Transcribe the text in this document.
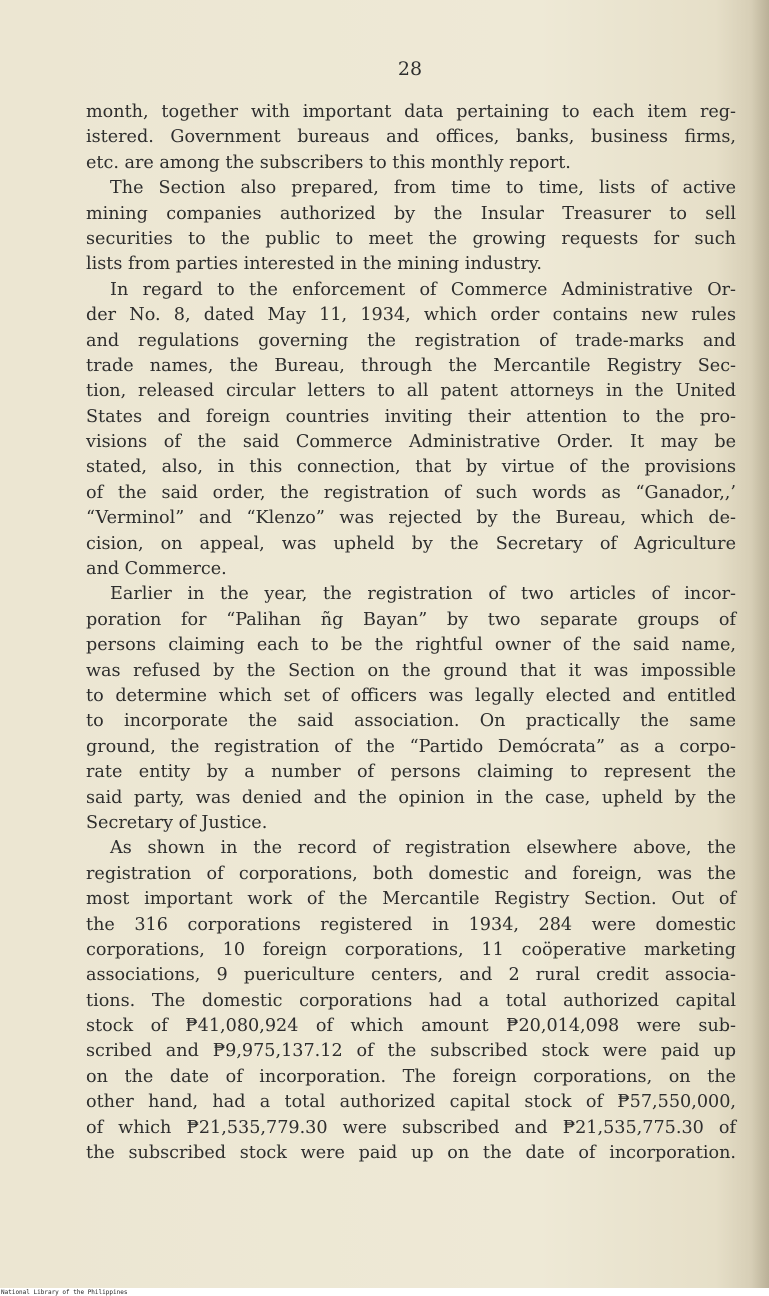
28
month, together with important data pertaining to each item reg-
istered. Government bureaus and offices, banks, business firms,
etc. are among the subscribers to this monthly report.
The Section also prepared, from time to time, lists of active
mining companies authorized by the Insular Treasurer to sell
securities to the public to meet the growing requests for such
lists from parties interested in the mining industry.
In regard to the enforcement of Commerce Administrative Or-
der No. 8, dated May 11, 1934, which order contains new rules
and regulations governing the registration of trade-marks and
trade names, the Bureau, through the Mercantile Registry Sec-
tion, released circular letters to all patent attorneys in the United
States and foreign countries inviting their attention to the pro-
visions of the said Commerce Administrative Order. It may be
stated, also, in this connection, that by virtue of the provisions
of the said order, the registration of such words as “Ganador,,’
“Verminol” and “Klenzo” was rejected by the Bureau, which de-
cision, on appeal, was upheld by the Secretary of Agriculture
and Commerce.
Earlier in the year, the registration of two articles of incor-
poration for “Palihan ñg Bayan” by two separate groups of
persons claiming each to be the rightful owner of the said name,
was refused by the Section on the ground that it was impossible
to determine which set of officers was legally elected and entitled
to incorporate the said association. On practically the same
ground, the registration of the “Partido Demócrata” as a corpo-
rate entity by a number of persons claiming to represent the
said party, was denied and the opinion in the case, upheld by the
Secretary of Justice.
As shown in the record of registration elsewhere above, the
registration of corporations, both domestic and foreign, was the
most important work of the Mercantile Registry Section. Out of
the 316 corporations registered in 1934, 284 were domestic
corporations, 10 foreign corporations, 11 coöperative marketing
associations, 9 puericulture centers, and 2 rural credit associa-
tions. The domestic corporations had a total authorized capital
stock of ₱41,080,924 of which amount ₱20,014,098 were sub-
scribed and ₱9,975,137.12 of the subscribed stock were paid up
on the date of incorporation. The foreign corporations, on the
other hand, had a total authorized capital stock of ₱57,550,000,
of which ₱21,535,779.30 were subscribed and ₱21,535,775.30 of
the subscribed stock were paid up on the date of incorporation.
National Library of the Philippines
